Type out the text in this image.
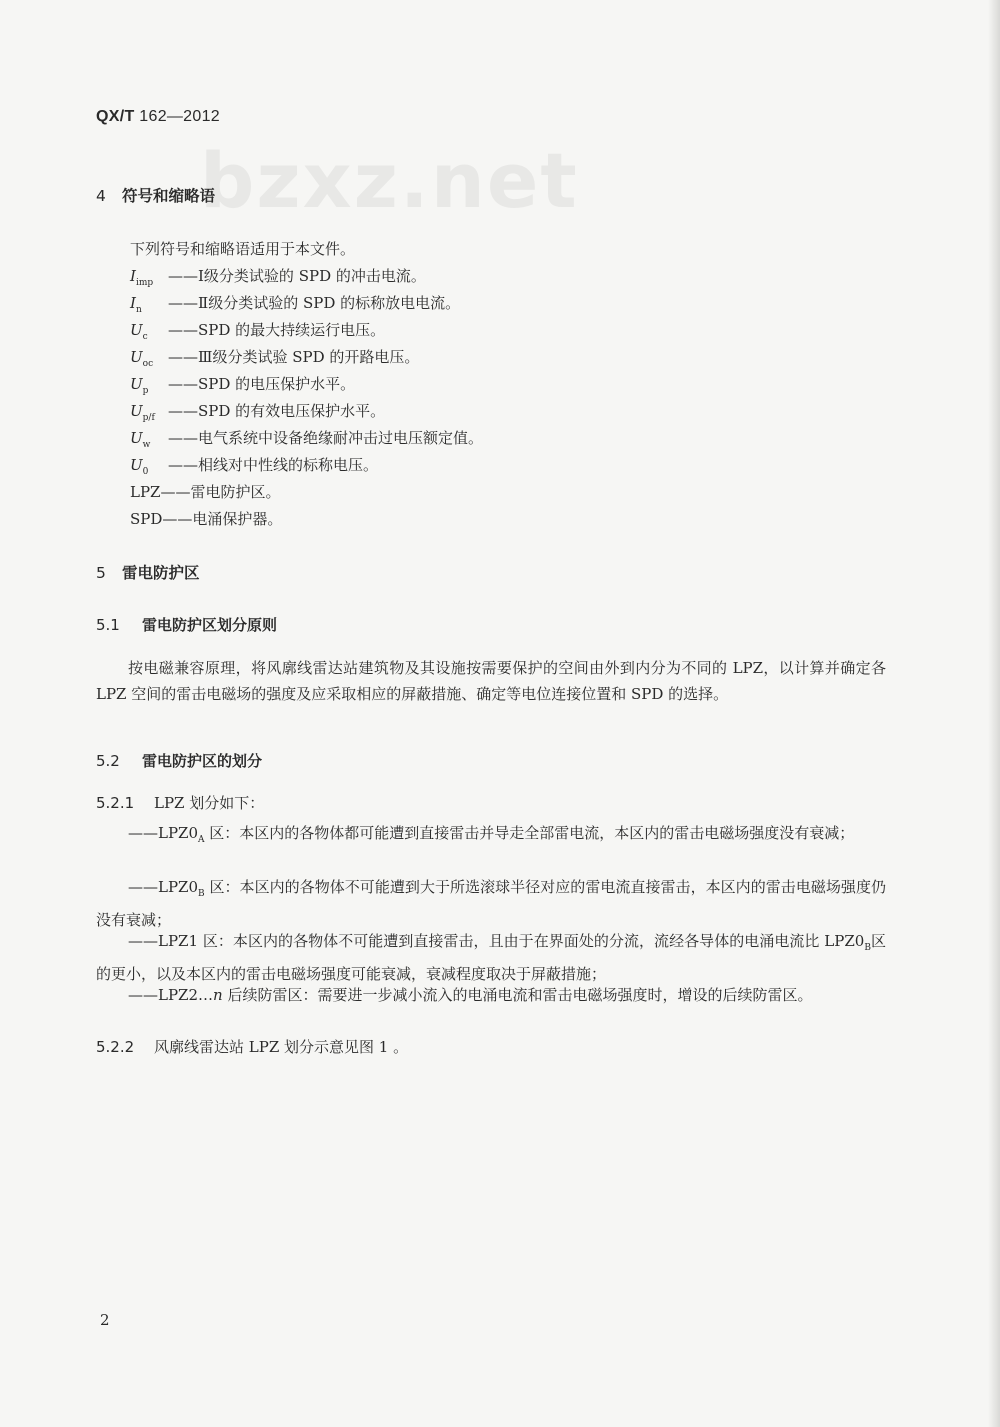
bzxz.net
QX/T 162—2012
4 符号和缩略语
下列符号和缩略语适用于本文件。
$I_{imp}$ ——Ⅰ级分类试验的 SPD 的冲击电流。
$I_n$ ——Ⅱ级分类试验的 SPD 的标称放电电流。
$U_c$ ——SPD 的最大持续运行电压。
$U_{oc}$ ——Ⅲ级分类试验 SPD 的开路电压。
$U_p$ ——SPD 的电压保护水平。
$U_{p/f}$ ——SPD 的有效电压保护水平。
$U_w$ ——电气系统中设备绝缘耐冲击过电压额定值。
$U_0$ ——相线对中性线的标称电压。
LPZ——雷电防护区。
SPD——电涌保护器。
5 雷电防护区
5.1 雷电防护区划分原则
按电磁兼容原理，将风廓线雷达站建筑物及其设施按需要保护的空间由外到内分为不同的 LPZ，以计算并确定各 LPZ 空间的雷击电磁场的强度及应采取相应的屏蔽措施、确定等电位连接位置和 SPD 的选择。
5.2 雷电防护区的划分
5.2.1 LPZ 划分如下：
$——LPZ0_A$ 区：本区内的各物体都可能遭到直接雷击并导走全部雷电流，本区内的雷击电磁场强度没有衰减；
$——LPZ0_B$ 区：本区内的各物体不可能遭到大于所选滚球半径对应的雷电流直接雷击，本区内的雷击电磁场强度仍没有衰减；
——LPZ1 区：本区内的各物体不可能遭到直接雷击，且由于在界面处的分流，流经各导体的电涌电流比 $LPZ0_B$区的更小，以及本区内的雷击电磁场强度可能衰减，衰减程度取决于屏蔽措施；
——LPZ2…n 后续防雷区：需要进一步减小流入的电涌电流和雷击电磁场强度时，增设的后续防雷区。
5.2.2 风廓线雷达站 LPZ 划分示意见图 1 。
2
